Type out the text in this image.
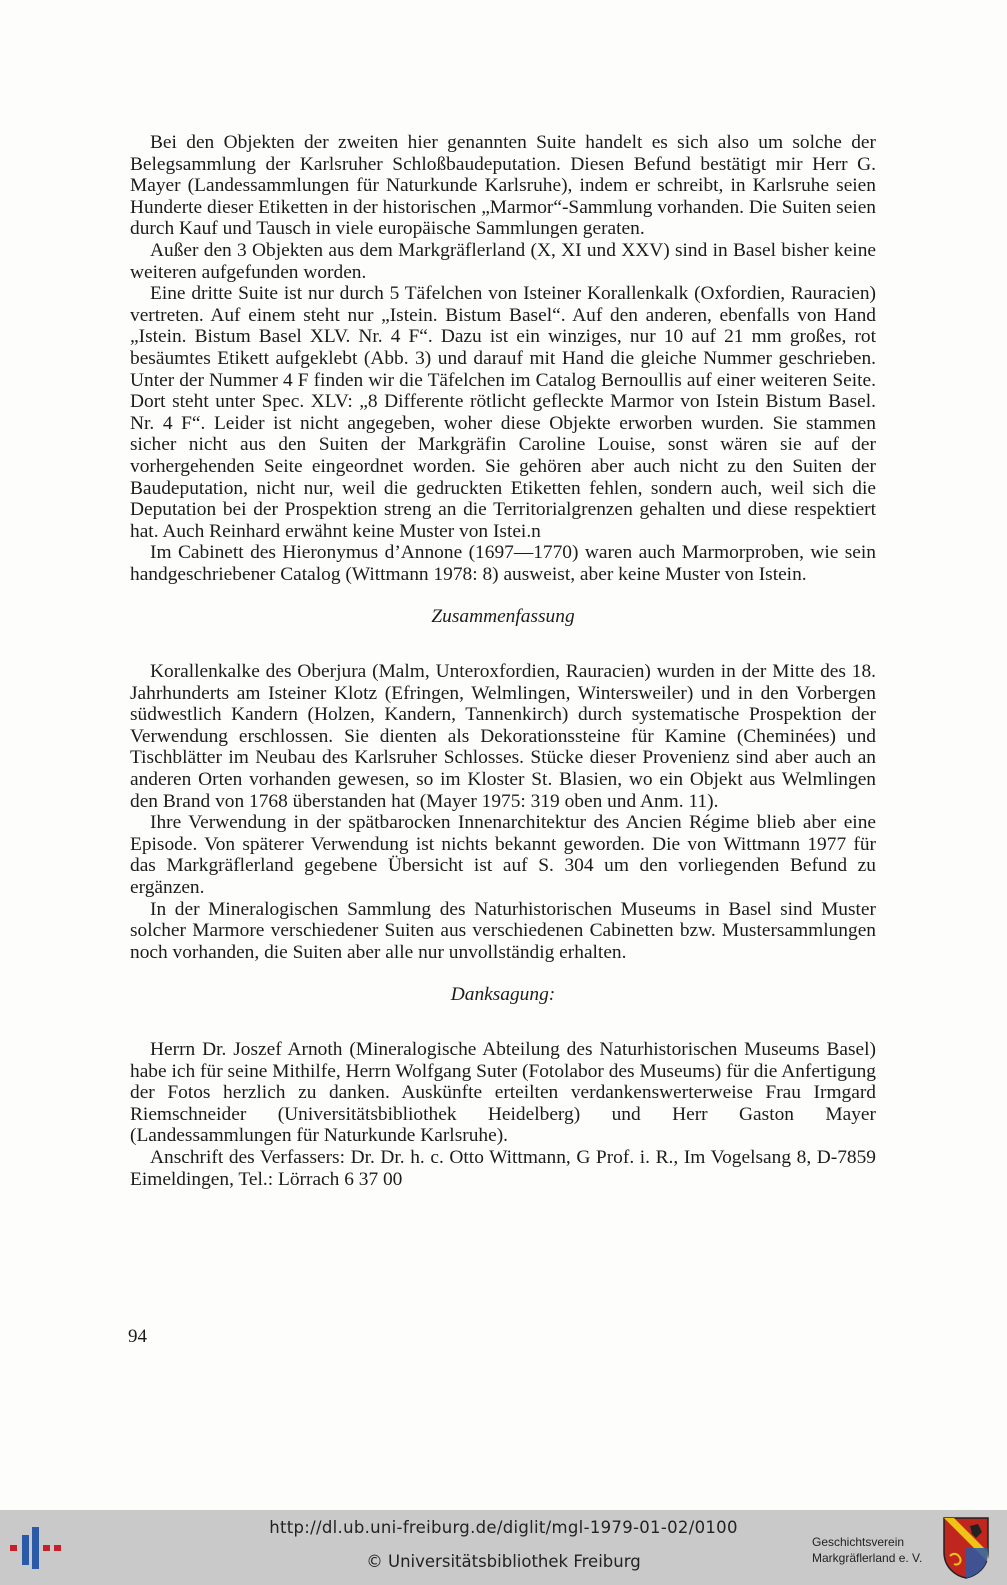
Bei den Objekten der zweiten hier genannten Suite handelt es sich also um solche der Belegsammlung der Karlsruher Schloßbaudeputation. Diesen Befund bestätigt mir Herr G. Mayer (Landessammlungen für Naturkunde Karlsruhe), indem er schreibt, in Karlsruhe seien Hunderte dieser Etiketten in der historischen „Marmor“-Sammlung vorhanden. Die Suiten seien durch Kauf und Tausch in viele europäische Sammlungen geraten.

Außer den 3 Objekten aus dem Markgräflerland (X, XI und XXV) sind in Basel bisher keine weiteren aufgefunden worden.

Eine dritte Suite ist nur durch 5 Täfelchen von Isteiner Korallenkalk (Oxfordien, Rauracien) vertreten. Auf einem steht nur „Istein. Bistum Basel“. Auf den anderen, ebenfalls von Hand „Istein. Bistum Basel XLV. Nr. 4 F“. Dazu ist ein winziges, nur 10 auf 21 mm großes, rot besäumtes Etikett aufgeklebt (Abb. 3) und darauf mit Hand die gleiche Nummer geschrieben. Unter der Nummer 4 F finden wir die Täfelchen im Catalog Bernoullis auf einer weiteren Seite. Dort steht unter Spec. XLV: „8 Differente rötlicht gefleckte Marmor von Istein Bistum Basel. Nr. 4 F“. Leider ist nicht angegeben, woher diese Objekte erworben wurden. Sie stammen sicher nicht aus den Suiten der Markgräfin Caroline Louise, sonst wären sie auf der vorhergehenden Seite eingeordnet worden. Sie gehören aber auch nicht zu den Suiten der Baudeputation, nicht nur, weil die gedruckten Etiketten fehlen, sondern auch, weil sich die Deputation bei der Prospektion streng an die Territorialgrenzen gehalten und diese respektiert hat. Auch Reinhard erwähnt keine Muster von Istei.n

Im Cabinett des Hieronymus d’Annone (1697—1770) waren auch Marmorproben, wie sein handgeschriebener Catalog (Wittmann 1978: 8) ausweist, aber keine Muster von Istein.

Zusammenfassung

Korallenkalke des Oberjura (Malm, Unteroxfordien, Rauracien) wurden in der Mitte des 18. Jahrhunderts am Isteiner Klotz (Efringen, Welmlingen, Wintersweiler) und in den Vorbergen südwestlich Kandern (Holzen, Kandern, Tannenkirch) durch systematische Prospektion der Verwendung erschlossen. Sie dienten als Dekorationssteine für Kamine (Cheminées) und Tischblätter im Neubau des Karlsruher Schlosses. Stücke dieser Provenienz sind aber auch an anderen Orten vorhanden gewesen, so im Kloster St. Blasien, wo ein Objekt aus Welmlingen den Brand von 1768 überstanden hat (Mayer 1975: 319 oben und Anm. 11).

Ihre Verwendung in der spätbarocken Innenarchitektur des Ancien Régime blieb aber eine Episode. Von späterer Verwendung ist nichts bekannt geworden. Die von Wittmann 1977 für das Markgräflerland gegebene Übersicht ist auf S. 304 um den vorliegenden Befund zu ergänzen.

In der Mineralogischen Sammlung des Naturhistorischen Museums in Basel sind Muster solcher Marmore verschiedener Suiten aus verschiedenen Cabinetten bzw. Mustersammlungen noch vorhanden, die Suiten aber alle nur unvollständig erhalten.

Danksagung:

Herrn Dr. Joszef Arnoth (Mineralogische Abteilung des Naturhistorischen Museums Basel) habe ich für seine Mithilfe, Herrn Wolfgang Suter (Fotolabor des Museums) für die Anfertigung der Fotos herzlich zu danken. Auskünfte erteilten verdankenswerterweise Frau Irmgard Riemschneider (Universitätsbibliothek Heidelberg) und Herr Gaston Mayer (Landessammlungen für Naturkunde Karlsruhe).

Anschrift des Verfassers: Dr. Dr. h. c. Otto Wittmann, G Prof. i. R., Im Vogelsang 8, D-7859 Eimeldingen, Tel.: Lörrach 6 37 00

94
http://dl.ub.uni-freiburg.de/diglit/mgl-1979-01-02/0100
© Universitätsbibliothek Freiburg
Geschichtsverein
Markgräflerland e. V.
